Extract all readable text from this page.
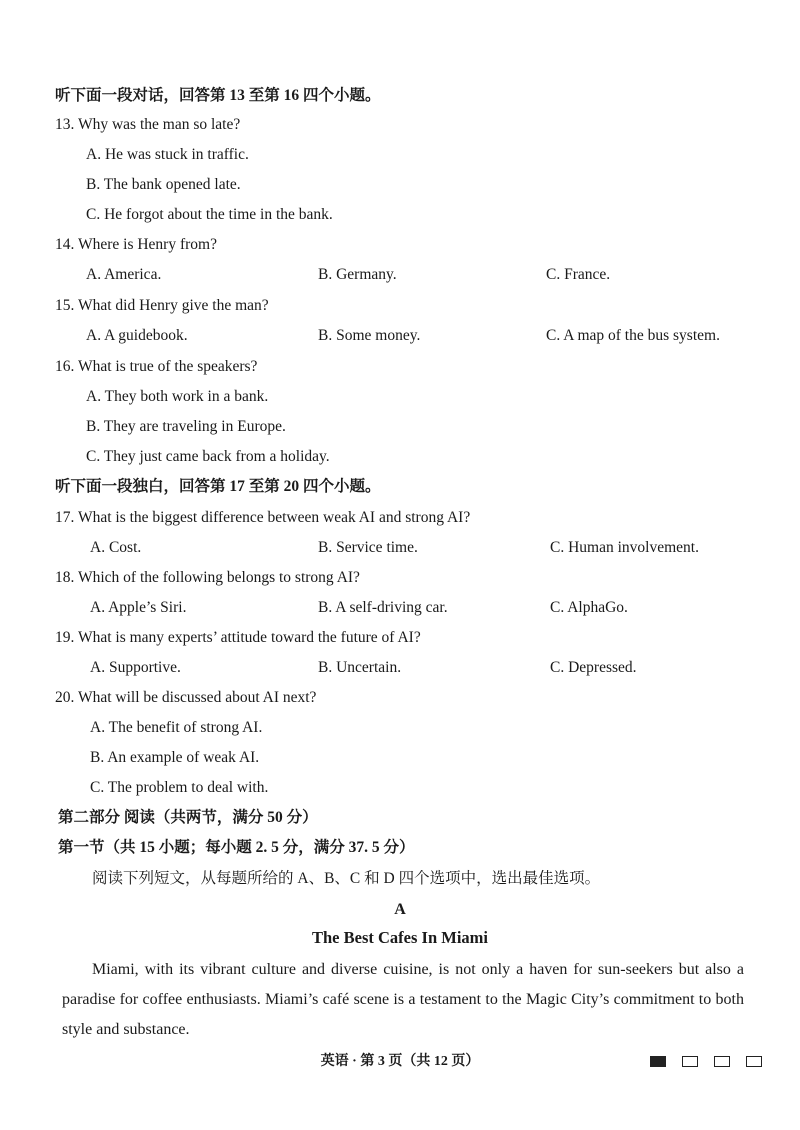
听下面一段对话，回答第 13 至第 16 四个小题。
13. Why was the man so late?
A. He was stuck in traffic.
B. The bank opened late.
C. He forgot about the time in the bank.
14. Where is Henry from?
A. America.	B. Germany.	C. France.
15. What did Henry give the man?
A. A guidebook.	B. Some money.	C. A map of the bus system.
16. What is true of the speakers?
A. They both work in a bank.
B. They are traveling in Europe.
C. They just came back from a holiday.
听下面一段独白，回答第 17 至第 20 四个小题。
17. What is the biggest difference between weak AI and strong AI?
A. Cost.	B. Service time.	C. Human involvement.
18. Which of the following belongs to strong AI?
A. Apple’s Siri.	B. A self-driving car.	C. AlphaGo.
19. What is many experts’ attitude toward the future of AI?
A. Supportive.	B. Uncertain.	C. Depressed.
20. What will be discussed about AI next?
A. The benefit of strong AI.
B. An example of weak AI.
C. The problem to deal with.
第二部分 阅读（共两节，满分 50 分）
第一节（共 15 小题；每小题 2. 5 分，满分 37. 5 分）
阅读下列短文，从每题所给的 A、B、C 和 D 四个选项中，选出最佳选项。
A
The Best Cafes In Miami
Miami, with its vibrant culture and diverse cuisine, is not only a haven for sun-seekers but also a paradise for coffee enthusiasts. Miami’s café scene is a testament to the Magic City’s commitment to both style and substance.
英语 · 第 3 页（共 12 页）
